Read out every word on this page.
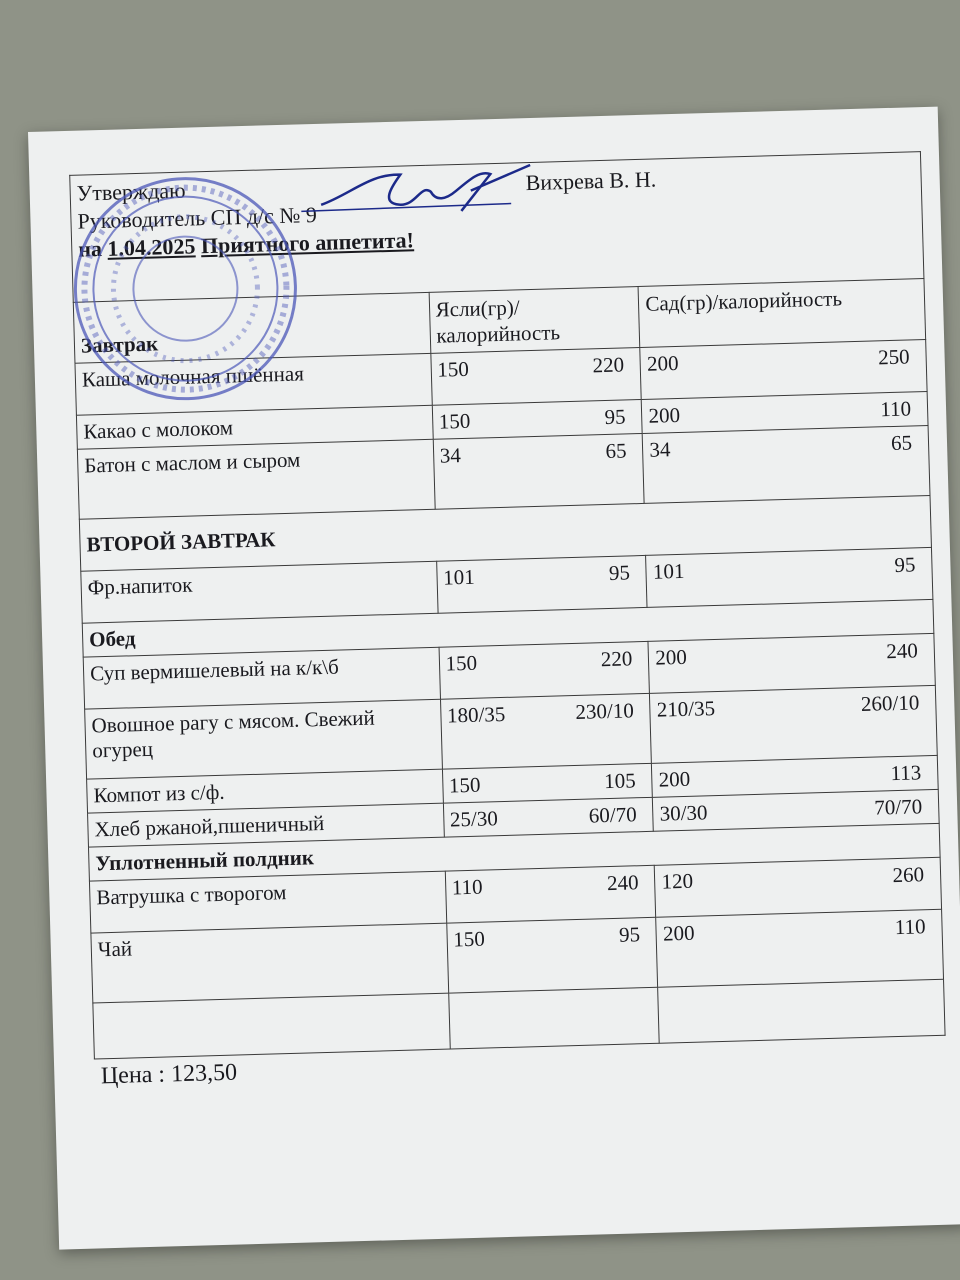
Утверждаю Вихрева В. Н.
Руководитель СП д/с № 9
на 1.04.2025 Приятного аппетита!		

Завтрак	Ясли(гр)/калорийность	Сад(гр)/калорийность
Каша молочная пшённая	150 220	200 250

Какао с молоком	150 95	200 110

Батон с маслом и сыром	34 65	34 65

ВТОРОЙ ЗАВТРАК		
Фр.напиток	101 95	101 95

Обед		
Суп вермишелевый на к/к\б	150 220	200 240

Овошное рагу с мясом. Свежий огурец	180/35 230/10	210/35 260/10

Компот из с/ф.	150 105	200 113

Хлеб ржаной,пшеничный	25/30 60/70	30/30 70/70

Уплотненный полдник		
Ватрушка с творогом	110 240	120 260

Чай	150 95	200 110

Цена : 123,50		
